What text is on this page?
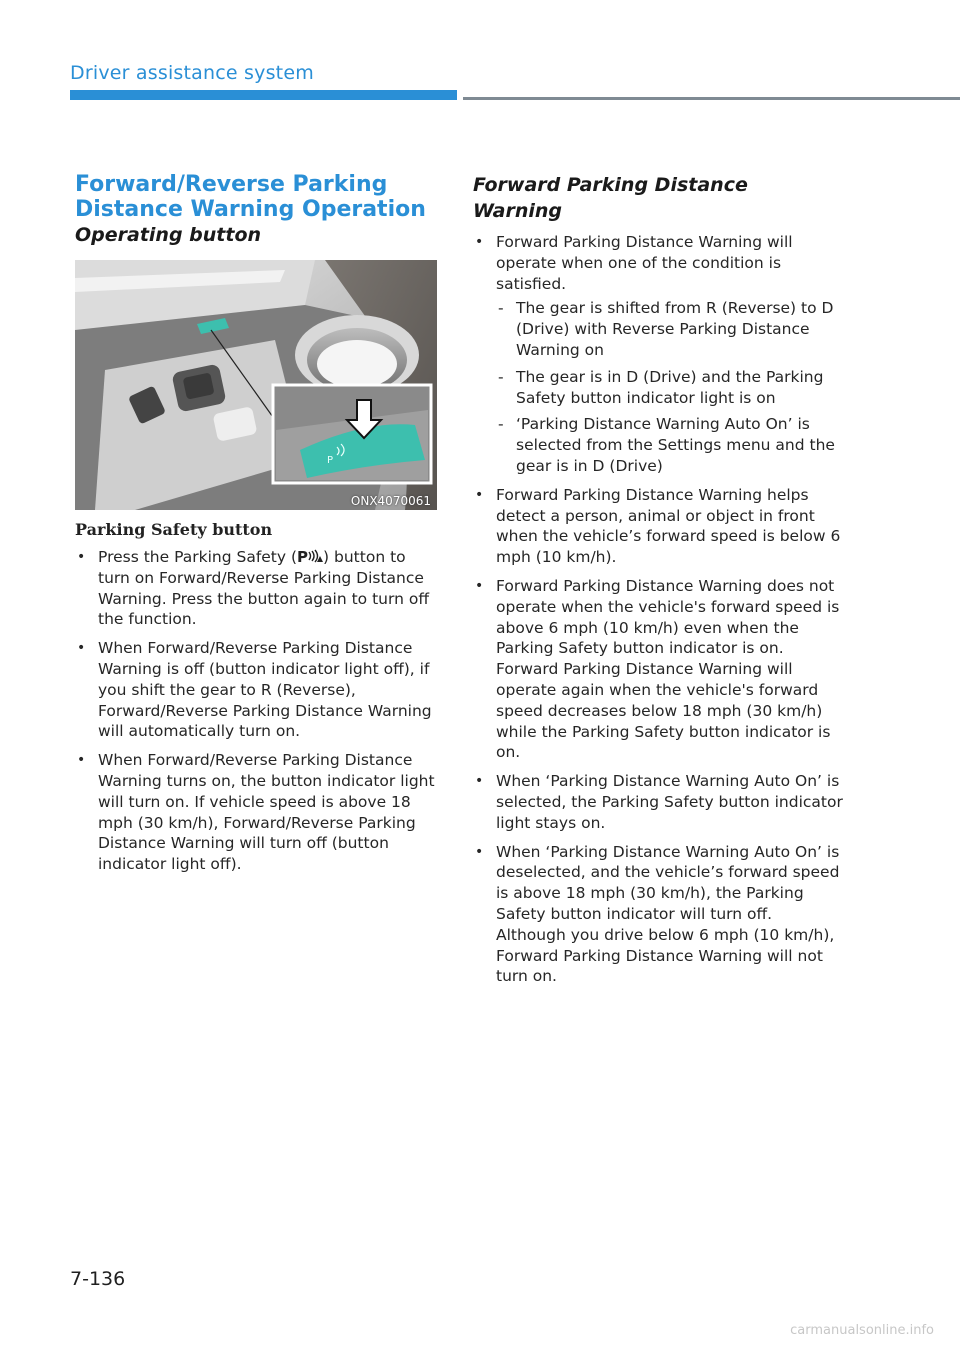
Driver assistance system
Forward/Reverse Parking
Distance Warning Operation
Operating button
P
ONX4070061
Parking Safety button
• Press the Parking Safety ( P ) button to turn on Forward/Reverse Parking Distance Warning. Press the button again to turn off the function.
• When Forward/Reverse Parking Distance Warning is off (button indicator light off), if you shift the gear to R (Reverse), Forward/Reverse Parking Distance Warning will automatically turn on.
• When Forward/Reverse Parking Distance Warning turns on, the button indicator light will turn on. If vehicle speed is above 18 mph (30 km/h), Forward/Reverse Parking Distance Warning will turn off (button indicator light off).
Forward Parking Distance Warning
• Forward Parking Distance Warning will operate when one of the condition is satisfied.
- The gear is shifted from R (Reverse) to D (Drive) with Reverse Parking Distance Warning on
- The gear is in D (Drive) and the Parking Safety button indicator light is on
- ‘Parking Distance Warning Auto On’ is selected from the Settings menu and the gear is in D (Drive)
• Forward Parking Distance Warning helps detect a person, animal or object in front when the vehicle’s forward speed is below 6 mph (10 km/h).
• Forward Parking Distance Warning does not operate when the vehicle's forward speed is above 6 mph (10 km/h) even when the Parking Safety button indicator is on. Forward Parking Distance Warning will operate again when the vehicle's forward speed decreases below 18 mph (30 km/h) while the Parking Safety button indicator is on.
• When ‘Parking Distance Warning Auto On’ is selected, the Parking Safety button indicator light stays on.
• When ‘Parking Distance Warning Auto On’ is deselected, and the vehicle’s forward speed is above 18 mph (30 km/h), the Parking Safety button indicator will turn off. Although you drive below 6 mph (10 km/h), Forward Parking Distance Warning will not turn on.
7-136
carmanualsonline.info
